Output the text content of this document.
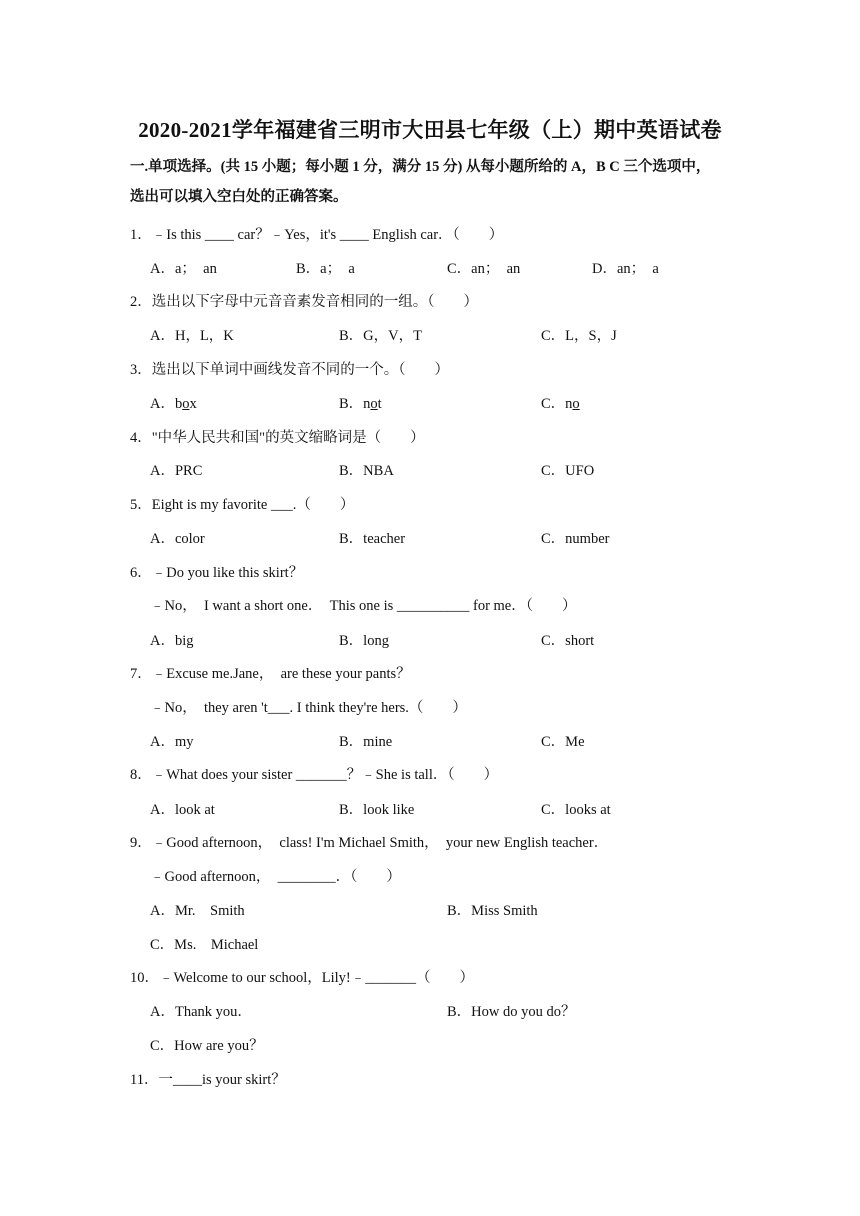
2020-2021学年福建省三明市大田县七年级（上）期中英语试卷
一.单项选择。(共 15 小题；每小题 1 分，满分 15 分) 从每小题所给的 A，B C 三个选项中，
选出可以填入空白处的正确答案。
1．﹣Is this ____ car？﹣Yes，it's ____ English car．（　　）
A．a；　an	B．a；　a	C．an；　an	D．an；　a
2．选出以下字母中元音音素发音相同的一组。（　　）
A．H，L，K	B．G，V，T	C．L，S，J
3．选出以下单词中画线发音不同的一个。（　　）
A．box	B．not	C．no
4．"中华人民共和国"的英文缩略词是（　　）
A．PRC	B．NBA	C．UFO
5．Eight is my favorite ___.（　　）
A．color	B．teacher	C．number
6．﹣Do you like this skirt？
﹣No，　I want a short one．　This one is __________ for me．（　　）
A．big	B．long	C．short
7．﹣Excuse me.Jane，　are these your pants？
﹣No，　they aren 't___. I think they're hers.（　　）
A．my	B．mine	C．Me
8．﹣What does your sister _______？﹣She is tall．（　　）
A．look at	B．look like	C．looks at
9．﹣Good afternoon，　class! I'm Michael Smith，　your new English teacher．
﹣Good afternoon，　________．（　　）
A．Mr.　Smith	B．Miss Smith
C．Ms.　Michael
10．﹣Welcome to our school，Lily!﹣_______（　　）
A．Thank you．	B．How do you do？
C．How are you？
11．一____is your skirt？
